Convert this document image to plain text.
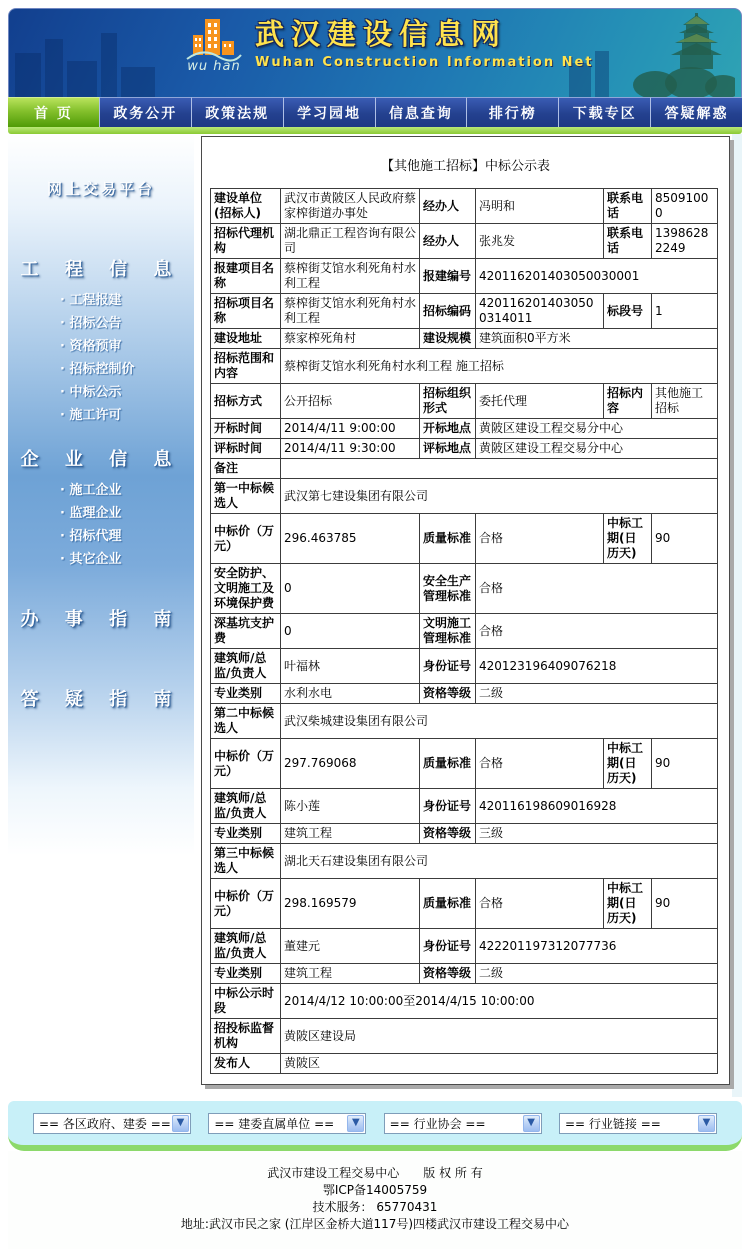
wu han
武汉建设信息网
Wuhan Construction Information Net
首 页	政务公开	政策法规	学习园地	信息查询	排行榜	下载专区	答疑解惑
网上交易平台
工 程 信 息
· 工程报建
· 招标公告
· 资格预审
· 招标控制价
· 中标公示
· 施工许可
企 业 信 息
· 施工企业
· 监理企业
· 招标代理
· 其它企业
办 事 指 南
答 疑 指 南
【其他施工招标】中标公示表
建设单位 (招标人)	武汉市黄陂区人民政府蔡家榨街道办事处	经办人	冯明和	联系电话	85091000
招标代理机构	湖北鼎正工程咨询有限公司	经办人	张兆发	联系电话	13986282249
报建项目名称	蔡榨街艾馆水利死角村水利工程	报建编号	420116201403050030001		
招标项目名称	蔡榨街艾馆水利死角村水利工程	招标编码	4201162014030500314011	标段号	1
建设地址	蔡家榨死角村	建设规模	建筑面积0平方米		
招标范围和内容	蔡榨街艾馆水利死角村水利工程 施工招标				
招标方式	公开招标	招标组织形式	委托代理	招标内容	其他施工招标
开标时间	2014/4/11 9:00:00	开标地点	黄陂区建设工程交易分中心		
评标时间	2014/4/11 9:30:00	评标地点	黄陂区建设工程交易分中心		
备注					
第一中标候选人	武汉第七建设集团有限公司				
中标价（万元）	296.463785	质量标准	合格	中标工期(日历天)	90
安全防护、文明施工及环境保护费	0	安全生产管理标准	合格		
深基坑支护费	0	文明施工管理标准	合格		
建筑师/总监/负责人	叶福林	身份证号	420123196409076218		
专业类别	水利水电	资格等级	二级		
第二中标候选人	武汉柴城建设集团有限公司				
中标价（万元）	297.769068	质量标准	合格	中标工期(日历天)	90
建筑师/总监/负责人	陈小莲	身份证号	420116198609016928		
专业类别	建筑工程	资格等级	三级		
第三中标候选人	湖北天石建设集团有限公司				
中标价（万元）	298.169579	质量标准	合格	中标工期(日历天)	90
建筑师/总监/负责人	董建元	身份证号	422201197312077736		
专业类别	建筑工程	资格等级	二级		
中标公示时段	2014/4/12 10:00:00至2014/4/15 10:00:00				
招投标监督机构	黄陂区建设局				
发布人	黄陂区				
== 各区政府、建委 == ▼	== 建委直属单位 ==	▼	== 行业协会 ==	▼	== 行业链接 ==	▼
武汉市建设工程交易中心　　版 权 所 有
鄂ICP备14005759
技术服务： 65770431
地址:武汉市民之家 (江岸区金桥大道117号)四楼武汉市建设工程交易中心
